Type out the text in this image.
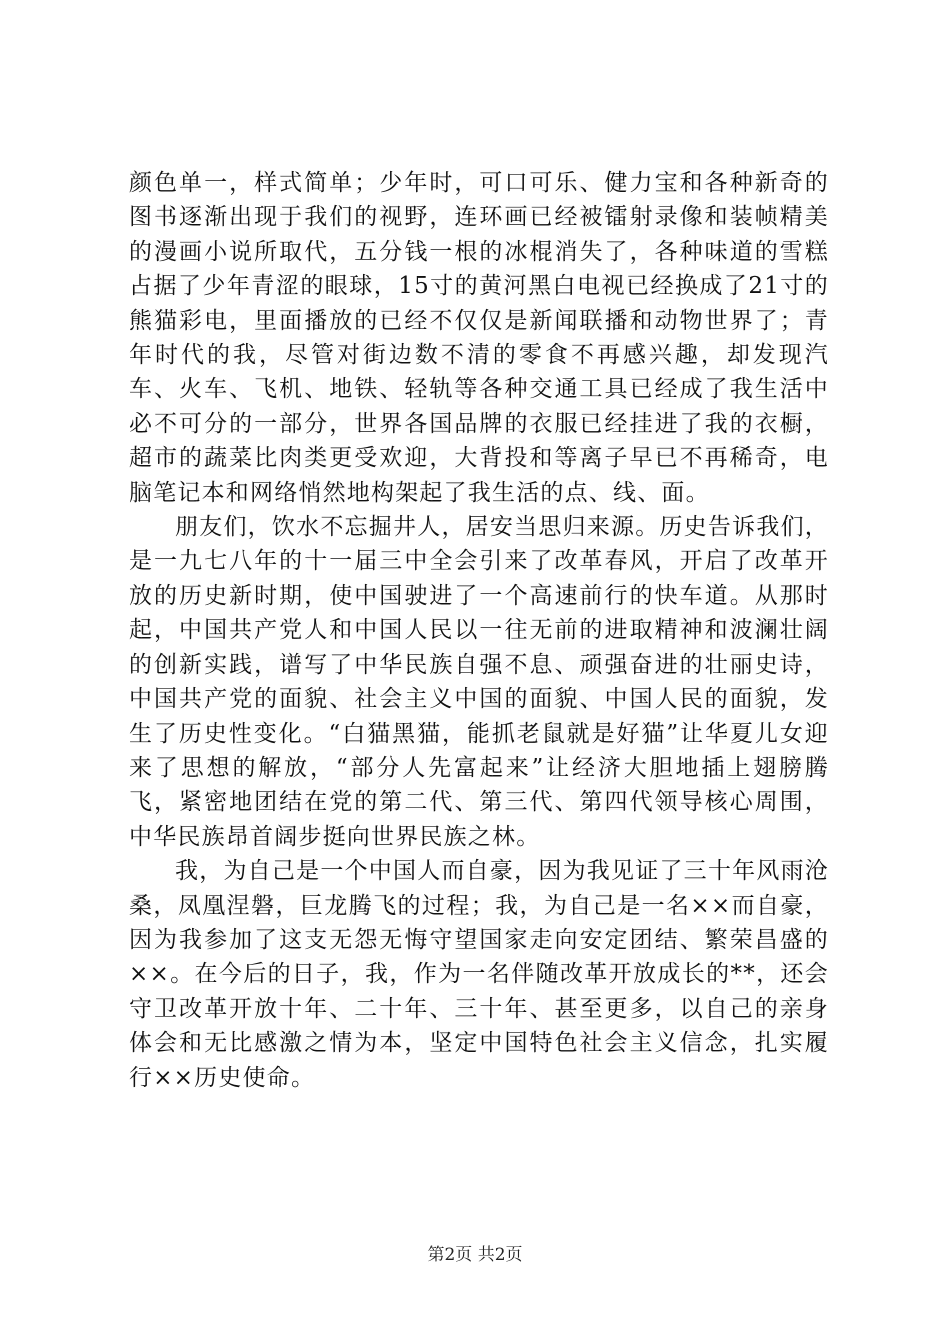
颜色单一，样式简单；少年时，可口可乐、健力宝和各种新奇的图书逐渐出现于我们的视野，连环画已经被镭射录像和装帧精美的漫画小说所取代，五分钱一根的冰棍消失了，各种味道的雪糕占据了少年青涩的眼球，15寸的黄河黑白电视已经换成了21寸的熊猫彩电，里面播放的已经不仅仅是新闻联播和动物世界了；青年时代的我，尽管对街边数不清的零食不再感兴趣，却发现汽车、火车、飞机、地铁、轻轨等各种交通工具已经成了我生活中必不可分的一部分，世界各国品牌的衣服已经挂进了我的衣橱，超市的蔬菜比肉类更受欢迎，大背投和等离子早已不再稀奇，电脑笔记本和网络悄然地构架起了我生活的点、线、面。

朋友们，饮水不忘掘井人，居安当思归来源。历史告诉我们，是一九七八年的十一届三中全会引来了改革春风，开启了改革开放的历史新时期，使中国驶进了一个高速前行的快车道。从那时起，中国共产党人和中国人民以一往无前的进取精神和波澜壮阔的创新实践，谱写了中华民族自强不息、顽强奋进的壮丽史诗，中国共产党的面貌、社会主义中国的面貌、中国人民的面貌，发生了历史性变化。“白猫黑猫，能抓老鼠就是好猫”让华夏儿女迎来了思想的解放，“部分人先富起来”让经济大胆地插上翅膀腾飞，紧密地团结在党的第二代、第三代、第四代领导核心周围，中华民族昂首阔步挺向世界民族之林。

我，为自己是一个中国人而自豪，因为我见证了三十年风雨沧桑，凤凰涅磐，巨龙腾飞的过程；我，为自己是一名××而自豪，因为我参加了这支无怨无悔守望国家走向安定团结、繁荣昌盛的××。在今后的日子，我，作为一名伴随改革开放成长的**，还会守卫改革开放十年、二十年、三十年、甚至更多，以自己的亲身体会和无比感激之情为本，坚定中国特色社会主义信念，扎实履行××历史使命。

第2页 共2页
